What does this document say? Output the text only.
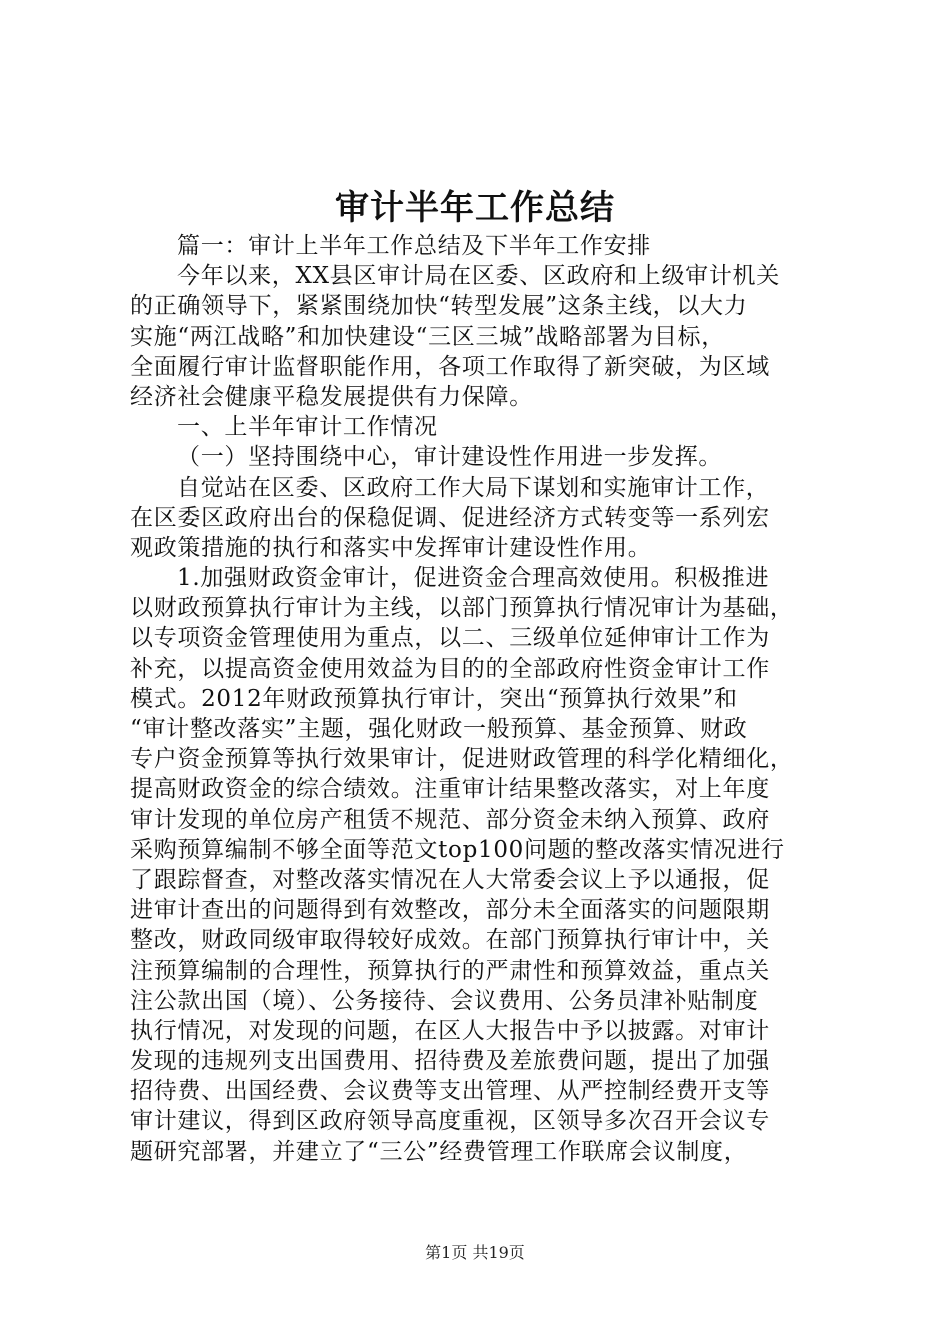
审计半年工作总结
篇一：审计上半年工作总结及下半年工作安排
今年以来，XX县区审计局在区委、区政府和上级审计机关
的正确领导下，紧紧围绕加快“转型发展”这条主线，以大力
实施“两江战略”和加快建设“三区三城”战略部署为目标，
全面履行审计监督职能作用，各项工作取得了新突破，为区域
经济社会健康平稳发展提供有力保障。
一、上半年审计工作情况
（一）坚持围绕中心，审计建设性作用进一步发挥。
自觉站在区委、区政府工作大局下谋划和实施审计工作，
在区委区政府出台的保稳促调、促进经济方式转变等一系列宏
观政策措施的执行和落实中发挥审计建设性作用。
1.加强财政资金审计，促进资金合理高效使用。积极推进
以财政预算执行审计为主线，以部门预算执行情况审计为基础，
以专项资金管理使用为重点，以二、三级单位延伸审计工作为
补充，以提高资金使用效益为目的的全部政府性资金审计工作
模式。2012年财政预算执行审计，突出“预算执行效果”和
“审计整改落实”主题，强化财政一般预算、基金预算、财政
专户资金预算等执行效果审计，促进财政管理的科学化精细化，
提高财政资金的综合绩效。注重审计结果整改落实，对上年度
审计发现的单位房产租赁不规范、部分资金未纳入预算、政府
采购预算编制不够全面等范文top100问题的整改落实情况进行
了跟踪督查，对整改落实情况在人大常委会议上予以通报，促
进审计查出的问题得到有效整改，部分未全面落实的问题限期
整改，财政同级审取得较好成效。在部门预算执行审计中，关
注预算编制的合理性，预算执行的严肃性和预算效益，重点关
注公款出国（境）、公务接待、会议费用、公务员津补贴制度
执行情况，对发现的问题，在区人大报告中予以披露。对审计
发现的违规列支出国费用、招待费及差旅费问题，提出了加强
招待费、出国经费、会议费等支出管理、从严控制经费开支等
审计建议，得到区政府领导高度重视，区领导多次召开会议专
题研究部署，并建立了“三公”经费管理工作联席会议制度，
第1页 共19页
